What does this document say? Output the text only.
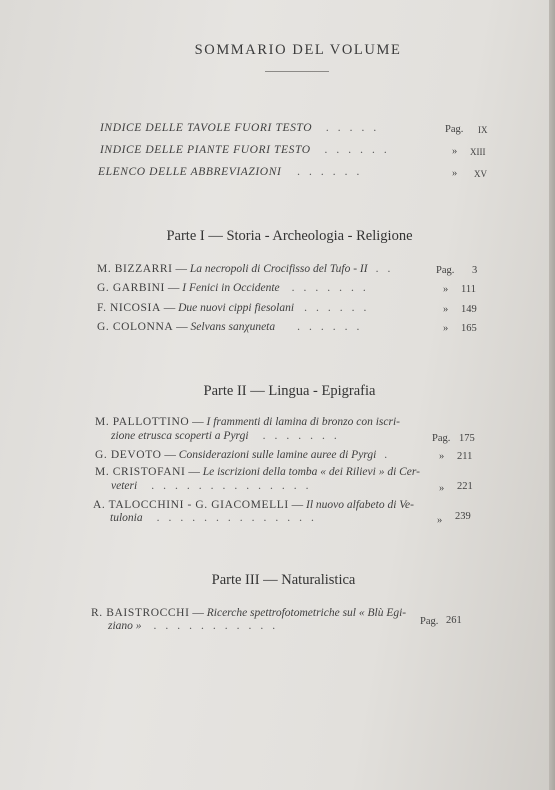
SOMMARIO DEL VOLUME
INDICE DELLE TAVOLE FUORI TESTO .....	Pag. IX
INDICE DELLE PIANTE FUORI TESTO ......	» XIII
ELENCO DELLE ABBREVIAZIONI ......	» XV
Parte I — Storia - Archeologia - Religione
M. BIZZARRI — La necropoli di Crocifisso del Tufo - II ..	Pag. 3
G. GARBINI — I Fenici in Occidente .......	» 111
F. NICOSIA — Due nuovi cippi fiesolani ......	» 149
G. COLONNA — Selvans sanχuneta ......	» 165
Parte II — Lingua - Epigrafia
M. PALLOTTINO — I frammenti di lamina di bronzo con iscri-
zione etrusca scoperti a Pyrgi .......	Pag. 175
G. DEVOTO — Considerazioni sulle lamine auree di Pyrgi .	» 211
M. CRISTOFANI — Le iscrizioni della tomba « dei Rilievi » di Cer-
veteri ..............	» 221
A. TALOCCHINI - G. GIACOMELLI — Il nuovo alfabeto di Ve-
tulonia ..............	» 239
Parte III — Naturalistica
R. BAISTROCCHI — Ricerche spettrofotometriche sul « Blù Egi-
ziano » ...........	Pag. 261
